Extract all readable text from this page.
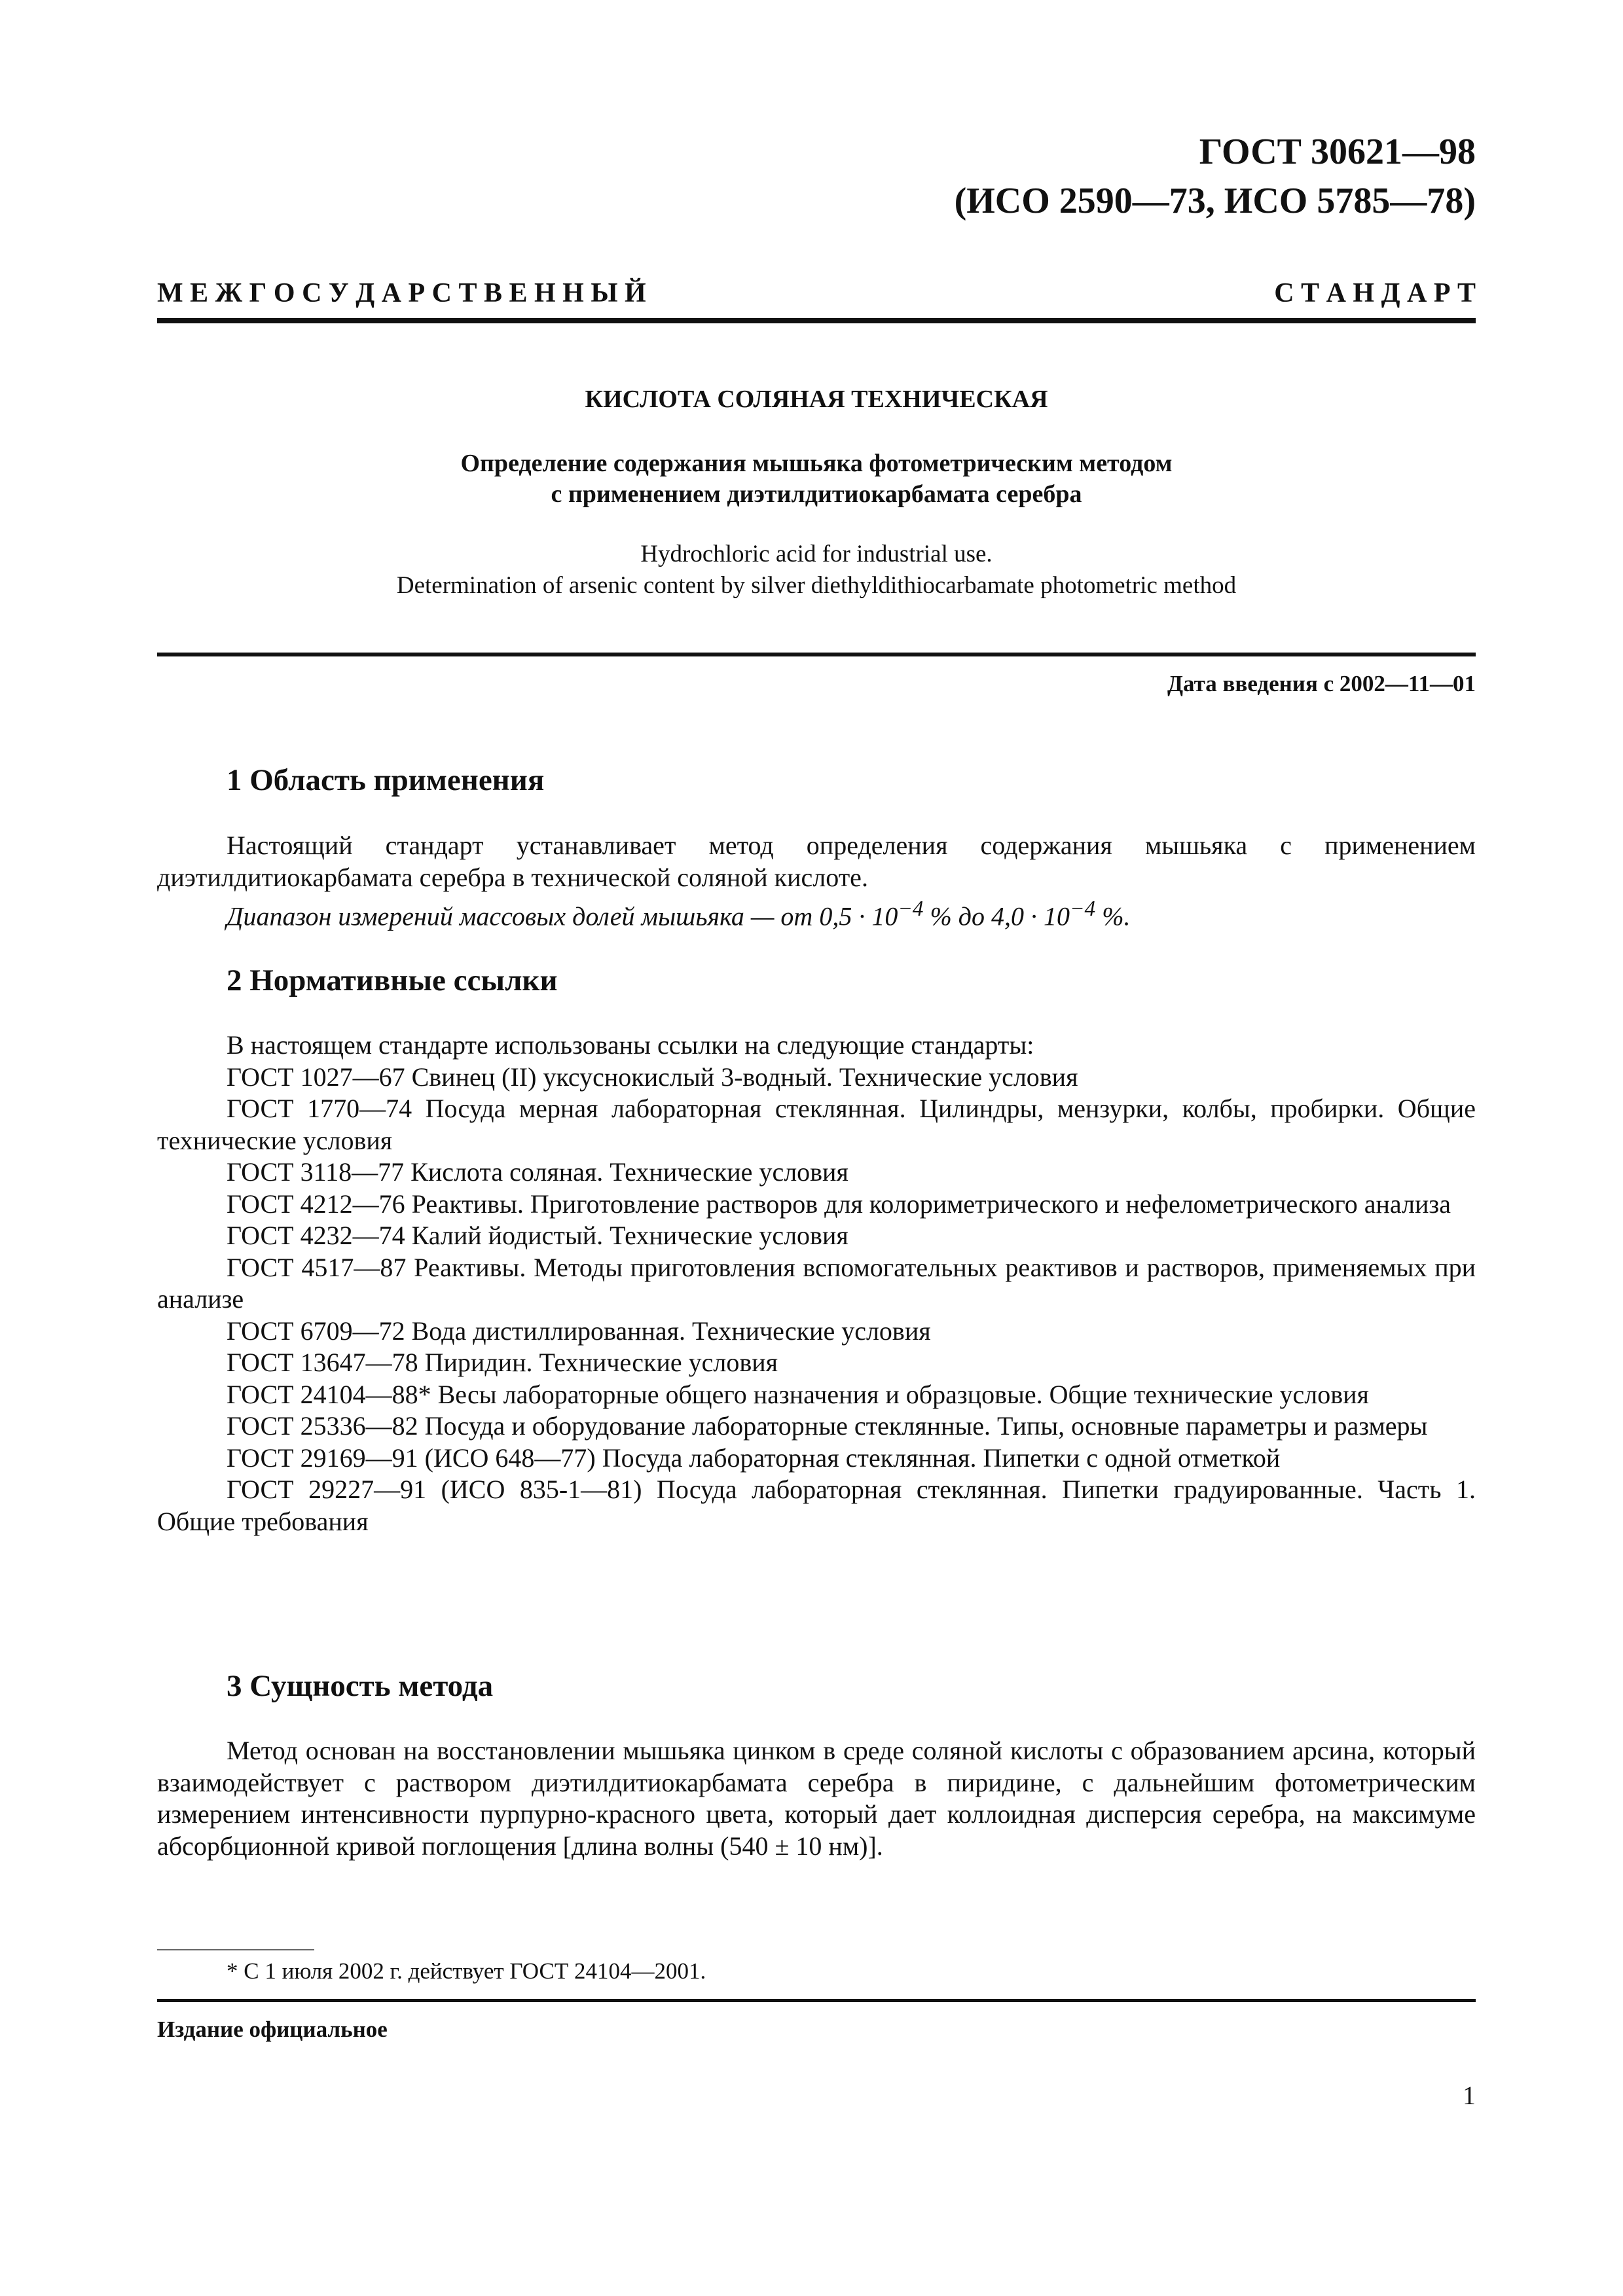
ГОСТ 30621—98
(ИСО 2590—73, ИСО 5785—78)
М Е Ж Г О С У Д А Р С Т В Е Н Н Ы Й	С Т А Н Д А Р Т
КИСЛОТА СОЛЯНАЯ ТЕХНИЧЕСКАЯ
Определение содержания мышьяка фотометрическим методом
с применением диэтилдитиокарбамата серебра
Hydrochloric acid for industrial use.
Determination of arsenic content by silver diethyldithiocarbamate photometric method
Дата введения с 2002—11—01
1 Область применения

Настоящий стандарт устанавливает метод определения содержания мышьяка с применением диэтилдитиокарбамата серебра в технической соляной кислоте.

Диапазон измерений массовых долей мышьяка — от $0,5 \cdot 10^{-4}$ % до $4,0 \cdot 10^{-4}$ %.

2 Нормативные ссылки

В настоящем стандарте использованы ссылки на следующие стандарты:

ГОСТ 1027—67 Свинец (II) уксуснокислый 3-водный. Технические условия

ГОСТ 1770—74 Посуда мерная лабораторная стеклянная. Цилиндры, мензурки, колбы, пробирки. Общие технические условия

ГОСТ 3118—77 Кислота соляная. Технические условия

ГОСТ 4212—76 Реактивы. Приготовление растворов для колориметрического и нефелометрического анализа

ГОСТ 4232—74 Калий йодистый. Технические условия

ГОСТ 4517—87 Реактивы. Методы приготовления вспомогательных реактивов и растворов, применяемых при анализе

ГОСТ 6709—72 Вода дистиллированная. Технические условия

ГОСТ 13647—78 Пиридин. Технические условия

ГОСТ 24104—88* Весы лабораторные общего назначения и образцовые. Общие технические условия

ГОСТ 25336—82 Посуда и оборудование лабораторные стеклянные. Типы, основные параметры и размеры

ГОСТ 29169—91 (ИСО 648—77) Посуда лабораторная стеклянная. Пипетки с одной отметкой

ГОСТ 29227—91 (ИСО 835-1—81) Посуда лабораторная стеклянная. Пипетки градуированные. Часть 1. Общие требования

3 Сущность метода

Метод основан на восстановлении мышьяка цинком в среде соляной кислоты с образованием арсина, который взаимодействует с раствором диэтилдитиокарбамата серебра в пиридине, с дальнейшим фотометрическим измерением интенсивности пурпурно-красного цвета, который дает коллоидная дисперсия серебра, на максимуме абсорбционной кривой поглощения [длина волны (540 ± 10 нм)].

* С 1 июля 2002 г. действует ГОСТ 24104—2001.
Издание официальное
1
